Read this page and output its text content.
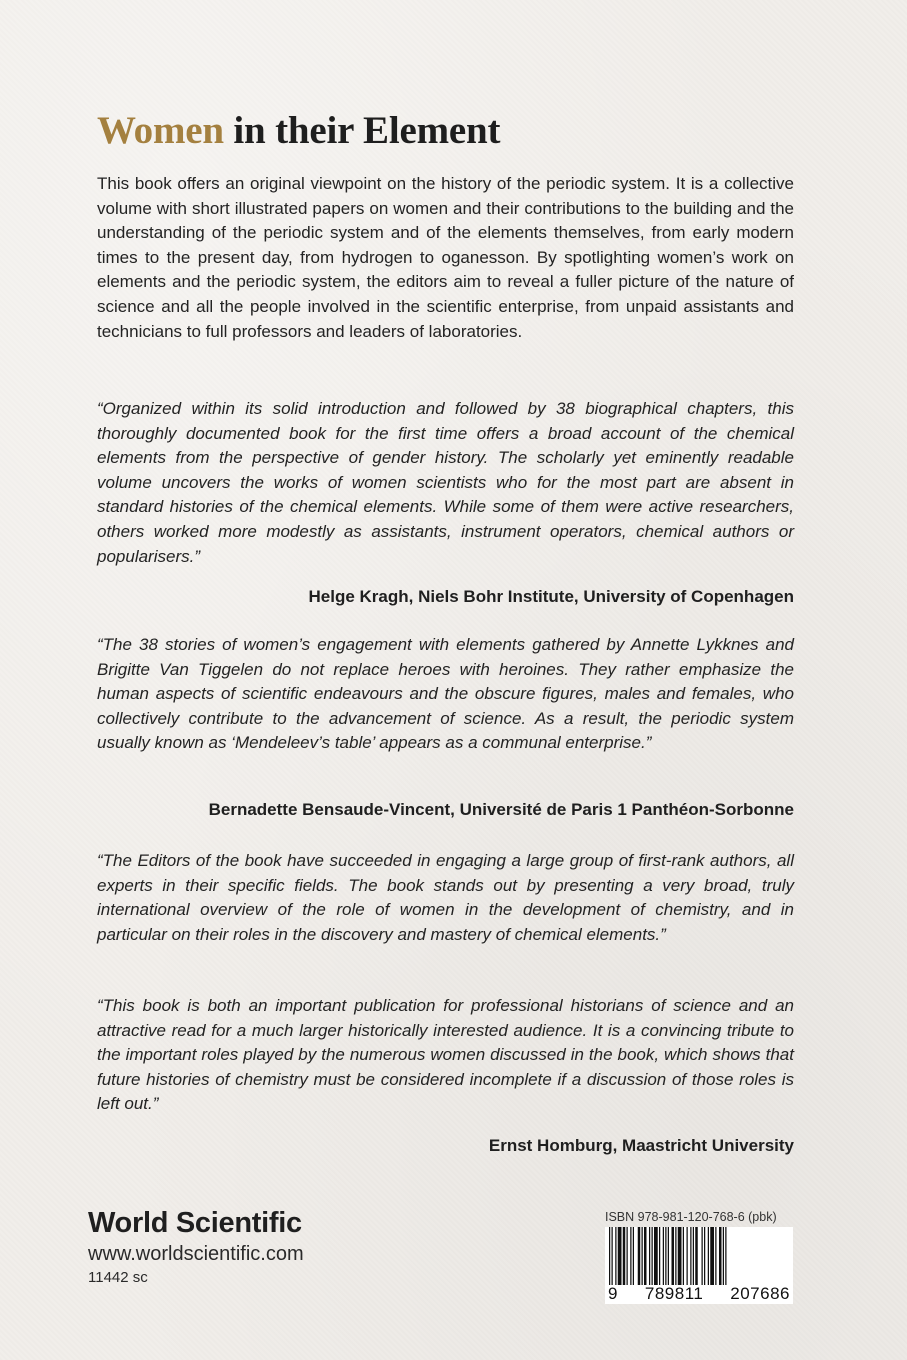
Women in their Element

This book offers an original viewpoint on the history of the periodic system. It is a collective volume with short illustrated papers on women and their contributions to the building and the understanding of the periodic system and of the elements themselves, from early modern times to the present day, from hydrogen to oganesson. By spotlighting women’s work on elements and the periodic system, the editors aim to reveal a fuller picture of the nature of science and all the people involved in the scientific enterprise, from unpaid assistants and technicians to full professors and leaders of laboratories.

“Organized within its solid introduction and followed by 38 biographical chapters, this thoroughly documented book for the first time offers a broad account of the chemical elements from the perspective of gender history. The scholarly yet eminently readable volume uncovers the works of women scientists who for the most part are absent in standard histories of the chemical elements. While some of them were active researchers, others worked more modestly as assistants, instrument operators, chemical authors or popularisers.”

Helge Kragh, Niels Bohr Institute, University of Copenhagen

“The 38 stories of women’s engagement with elements gathered by Annette Lykknes and Brigitte Van Tiggelen do not replace heroes with heroines. They rather emphasize the human aspects of scientific endeavours and the obscure figures, males and females, who collectively contribute to the advancement of science. As a result, the periodic system usually known as ‘Mendeleev’s table’ appears as a communal enterprise.”

Bernadette Bensaude-Vincent, Université de Paris 1 Panthéon-Sorbonne

“The Editors of the book have succeeded in engaging a large group of first-rank authors, all experts in their specific fields. The book stands out by presenting a very broad, truly international overview of the role of women in the development of chemistry, and in particular on their roles in the discovery and mastery of chemical elements.”

“This book is both an important publication for professional historians of science and an attractive read for a much larger historically interested audience. It is a convincing tribute to the important roles played by the numerous women discussed in the book, which shows that future histories of chemistry must be considered incomplete if a discussion of those roles is left out.”

Ernst Homburg, Maastricht University

World Scientific
www.worldscientific.com
11442 sc
ISBN 978-981-120-768-6 (pbk)
9 789811 207686
